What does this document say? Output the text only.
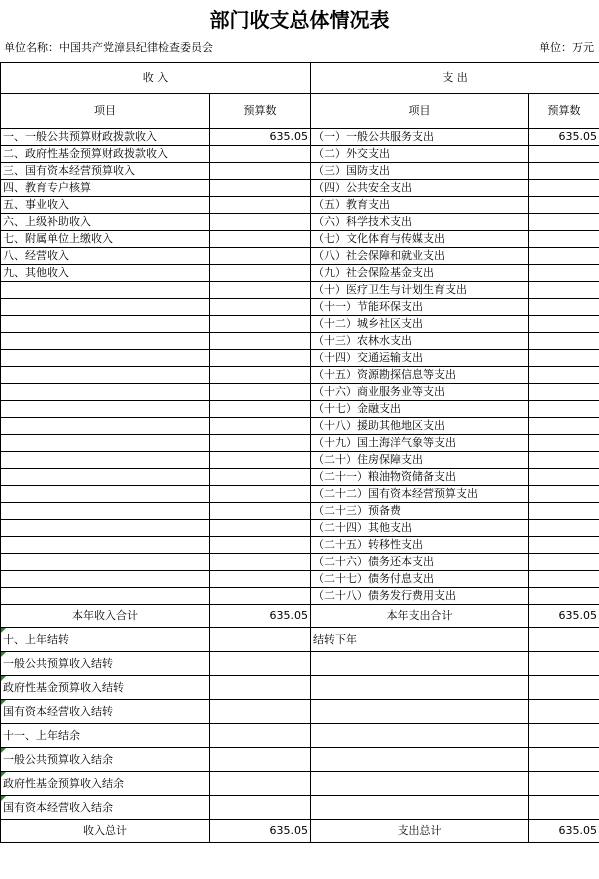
部门收支总体情况表
单位名称：中国共产党漳县纪律检查委员会	单位：万元
收 入		支 出	
项目	预算数	项目	预算数
一、一般公共预算财政拨款收入	635.05	（一）一般公共服务支出	635.05
二、政府性基金预算财政拨款收入		（二）外交支出	
三、国有资本经营预算收入		（三）国防支出	
四、教育专户核算		（四）公共安全支出	
五、事业收入		（五）教育支出	
六、上级补助收入		（六）科学技术支出	
七、附属单位上缴收入		（七）文化体育与传媒支出	
八、经营收入		（八）社会保障和就业支出	
九、其他收入		（九）社会保险基金支出	
		（十）医疗卫生与计划生育支出	
		（十一）节能环保支出	
		（十二）城乡社区支出	
		（十三）农林水支出	
		（十四）交通运输支出	
		（十五）资源勘探信息等支出	
		（十六）商业服务业等支出	
		（十七）金融支出	
		（十八）援助其他地区支出	
		（十九）国土海洋气象等支出	
		（二十）住房保障支出	
		（二十一）粮油物资储备支出	
		（二十二）国有资本经营预算支出	
		（二十三）预备费	
		（二十四）其他支出	
		（二十五）转移性支出	
		（二十六）债务还本支出	
		（二十七）债务付息支出	
		（二十八）债务发行费用支出	
本年收入合计	635.05	本年支出合计	635.05
十、上年结转		结转下年	
一般公共预算收入结转			
政府性基金预算收入结转			
国有资本经营收入结转			
十一、上年结余			
一般公共预算收入结余			
政府性基金预算收入结余			
国有资本经营收入结余			
收入总计	635.05	支出总计	635.05
